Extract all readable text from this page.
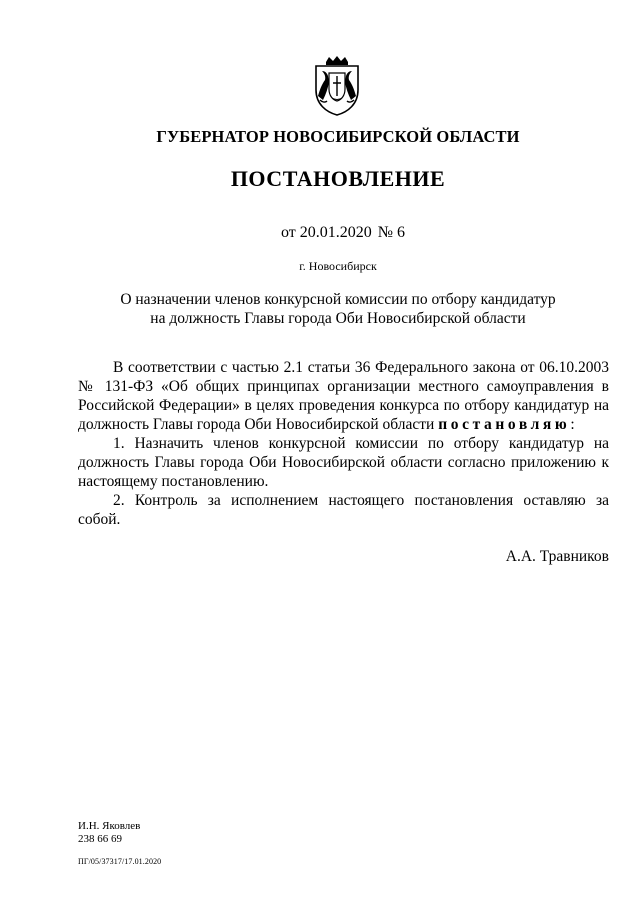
ГУБЕРНАТОР НОВОСИБИРСКОЙ ОБЛАСТИ
ПОСТАНОВЛЕНИЕ
от 20.01.2020 № 6
г. Новосибирск
О назначении членов конкурсной комиссии по отбору кандидатур
на должность Главы города Оби Новосибирской области

В соответствии с частью 2.1 статьи 36 Федерального закона от 06.10.2003 № 131-ФЗ «Об общих принципах организации местного самоуправления в Российской Федерации» в целях проведения конкурса по отбору кандидатур на должность Главы города Оби Новосибирской области постановляю:

1. Назначить членов конкурсной комиссии по отбору кандидатур на должность Главы города Оби Новосибирской области согласно приложению к настоящему постановлению.

2. Контроль за исполнением настоящего постановления оставляю за собой.

А.А. Травников
И.Н. Яковлев
238 66 69
ПГ/05/37317/17.01.2020
